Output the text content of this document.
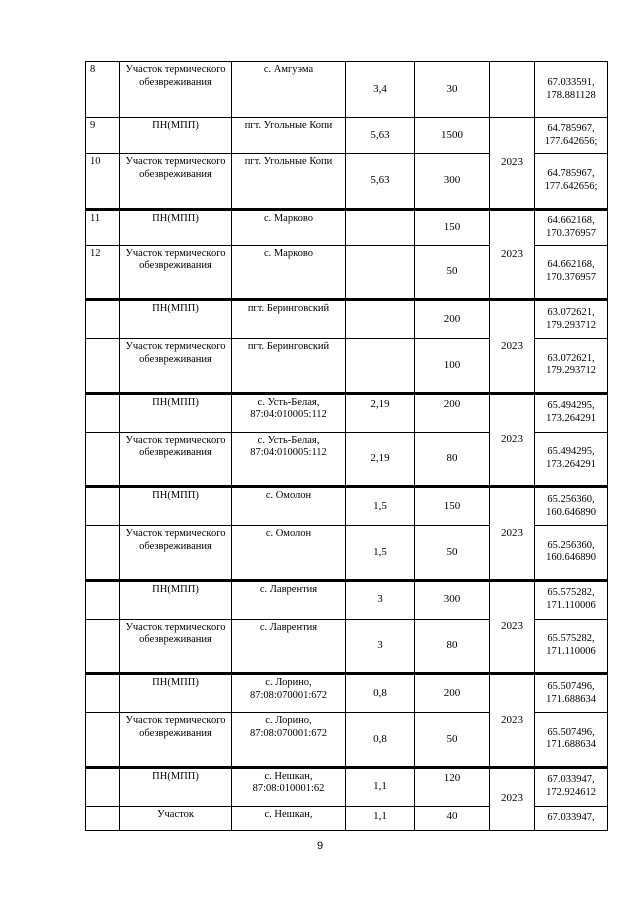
8	Участок термического обезвреживания	с. Амгуэма	3,4	30		67.033591, 178.881128
9	ПН(МПП)	пгт. Угольные Копи	5,63	1500	2023	64.785967, 177.642656;
10	Участок термического обезвреживания	пгт. Угольные Копи	5,63	300		64.785967, 177.642656;

11	ПН(МПП)	с. Марково		150	2023	64.662168, 170.376957
12	Участок термического обезвреживания	с. Марково		50		64.662168, 170.376957

	ПН(МПП)	пгт. Беринговский		200	2023	63.072621, 179.293712
	Участок термического обезвреживания	пгт. Беринговский		100		63.072621, 179.293712

	ПН(МПП)	с. Усть-Белая, 87:04:010005:112	2,19	200	2023	65.494295, 173.264291
	Участок термического обезвреживания	с. Усть-Белая, 87:04:010005:112	2,19	80		65.494295, 173.264291

	ПН(МПП)	с. Омолон	1,5	150	2023	65.256360, 160.646890
	Участок термического обезвреживания	с. Омолон	1,5	50		65.256360, 160.646890

	ПН(МПП)	с. Лаврентия	3	300	2023	65.575282, 171.110006
	Участок термического обезвреживания	с. Лаврентия	3	80		65.575282, 171.110006

	ПН(МПП)	с. Лорино, 87:08:070001:672	0,8	200	2023	65.507496, 171.688634
	Участок термического обезвреживания	с. Лорино, 87:08:070001:672	0,8	50		65.507496, 171.688634

	ПН(МПП)	с. Нешкан, 87:08:010001:62	1,1	120	2023	67.033947, 172.924612
	Участок	с. Нешкан,	1,1	40		67.033947,
9
